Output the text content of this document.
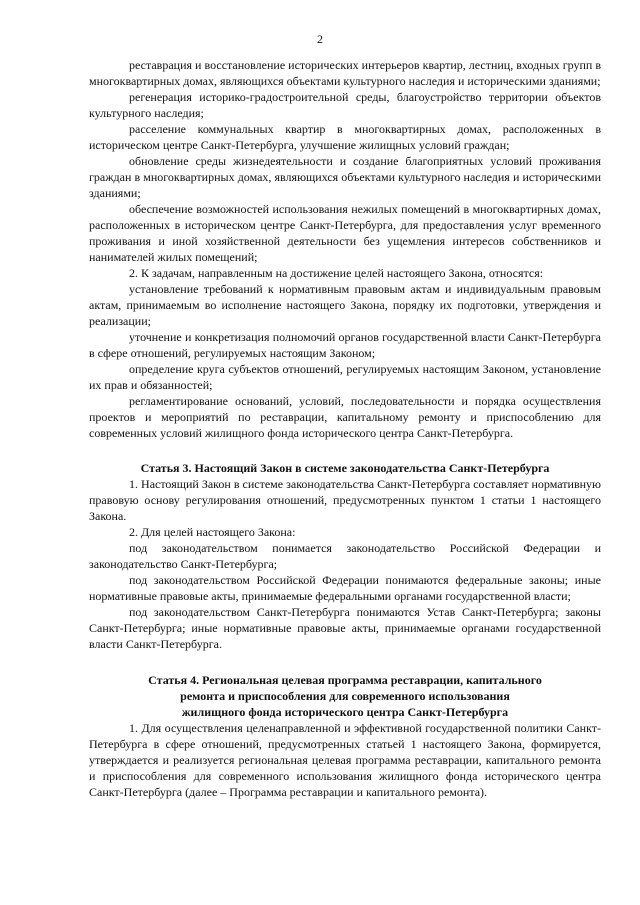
2

реставрация и восстановление исторических интерьеров квартир, лестниц, входных групп в многоквартирных домах, являющихся объектами культурного наследия и историческими зданиями;

регенерация историко-градостроительной среды, благоустройство территории объектов культурного наследия;

расселение коммунальных квартир в многоквартирных домах, расположенных в историческом центре Санкт-Петербурга, улучшение жилищных условий граждан;

обновление среды жизнедеятельности и создание благоприятных условий проживания граждан в многоквартирных домах, являющихся объектами культурного наследия и историческими зданиями;

обеспечение возможностей использования нежилых помещений в многоквартирных домах, расположенных в историческом центре Санкт-Петербурга, для предоставления услуг временного проживания и иной хозяйственной деятельности без ущемления интересов собственников и нанимателей жилых помещений;

2. К задачам, направленным на достижение целей настоящего Закона, относятся:

установление требований к нормативным правовым актам и индивидуальным правовым актам, принимаемым во исполнение настоящего Закона, порядку их подготовки, утверждения и реализации;

уточнение и конкретизация полномочий органов государственной власти Санкт-Петербурга в сфере отношений, регулируемых настоящим Законом;

определение круга субъектов отношений, регулируемых настоящим Законом, установление их прав и обязанностей;

регламентирование оснований, условий, последовательности и порядка осуществления проектов и мероприятий по реставрации, капитальному ремонту и приспособлению для современных условий жилищного фонда исторического центра Санкт-Петербурга.

Статья 3. Настоящий Закон в системе законодательства Санкт-Петербурга

1. Настоящий Закон в системе законодательства Санкт-Петербурга составляет нормативную правовую основу регулирования отношений, предусмотренных пунктом 1 статьи 1 настоящего Закона.

2. Для целей настоящего Закона:

под законодательством понимается законодательство Российской Федерации и законодательство Санкт-Петербурга;

под законодательством Российской Федерации понимаются федеральные законы; иные нормативные правовые акты, принимаемые федеральными органами государственной власти;

под законодательством Санкт-Петербурга понимаются Устав Санкт-Петербурга; законы Санкт-Петербурга; иные нормативные правовые акты, принимаемые органами государственной власти Санкт-Петербурга.

Статья 4. Региональная целевая программа реставрации, капитального
ремонта и приспособления для современного использования
жилищного фонда исторического центра Санкт-Петербурга

1. Для осуществления целенаправленной и эффективной государственной политики Санкт-Петербурга в сфере отношений, предусмотренных статьей 1 настоящего Закона, формируется, утверждается и реализуется региональная целевая программа реставрации, капитального ремонта и приспособления для современного использования жилищного фонда исторического центра Санкт-Петербурга (далее – Программа реставрации и капитального ремонта).
